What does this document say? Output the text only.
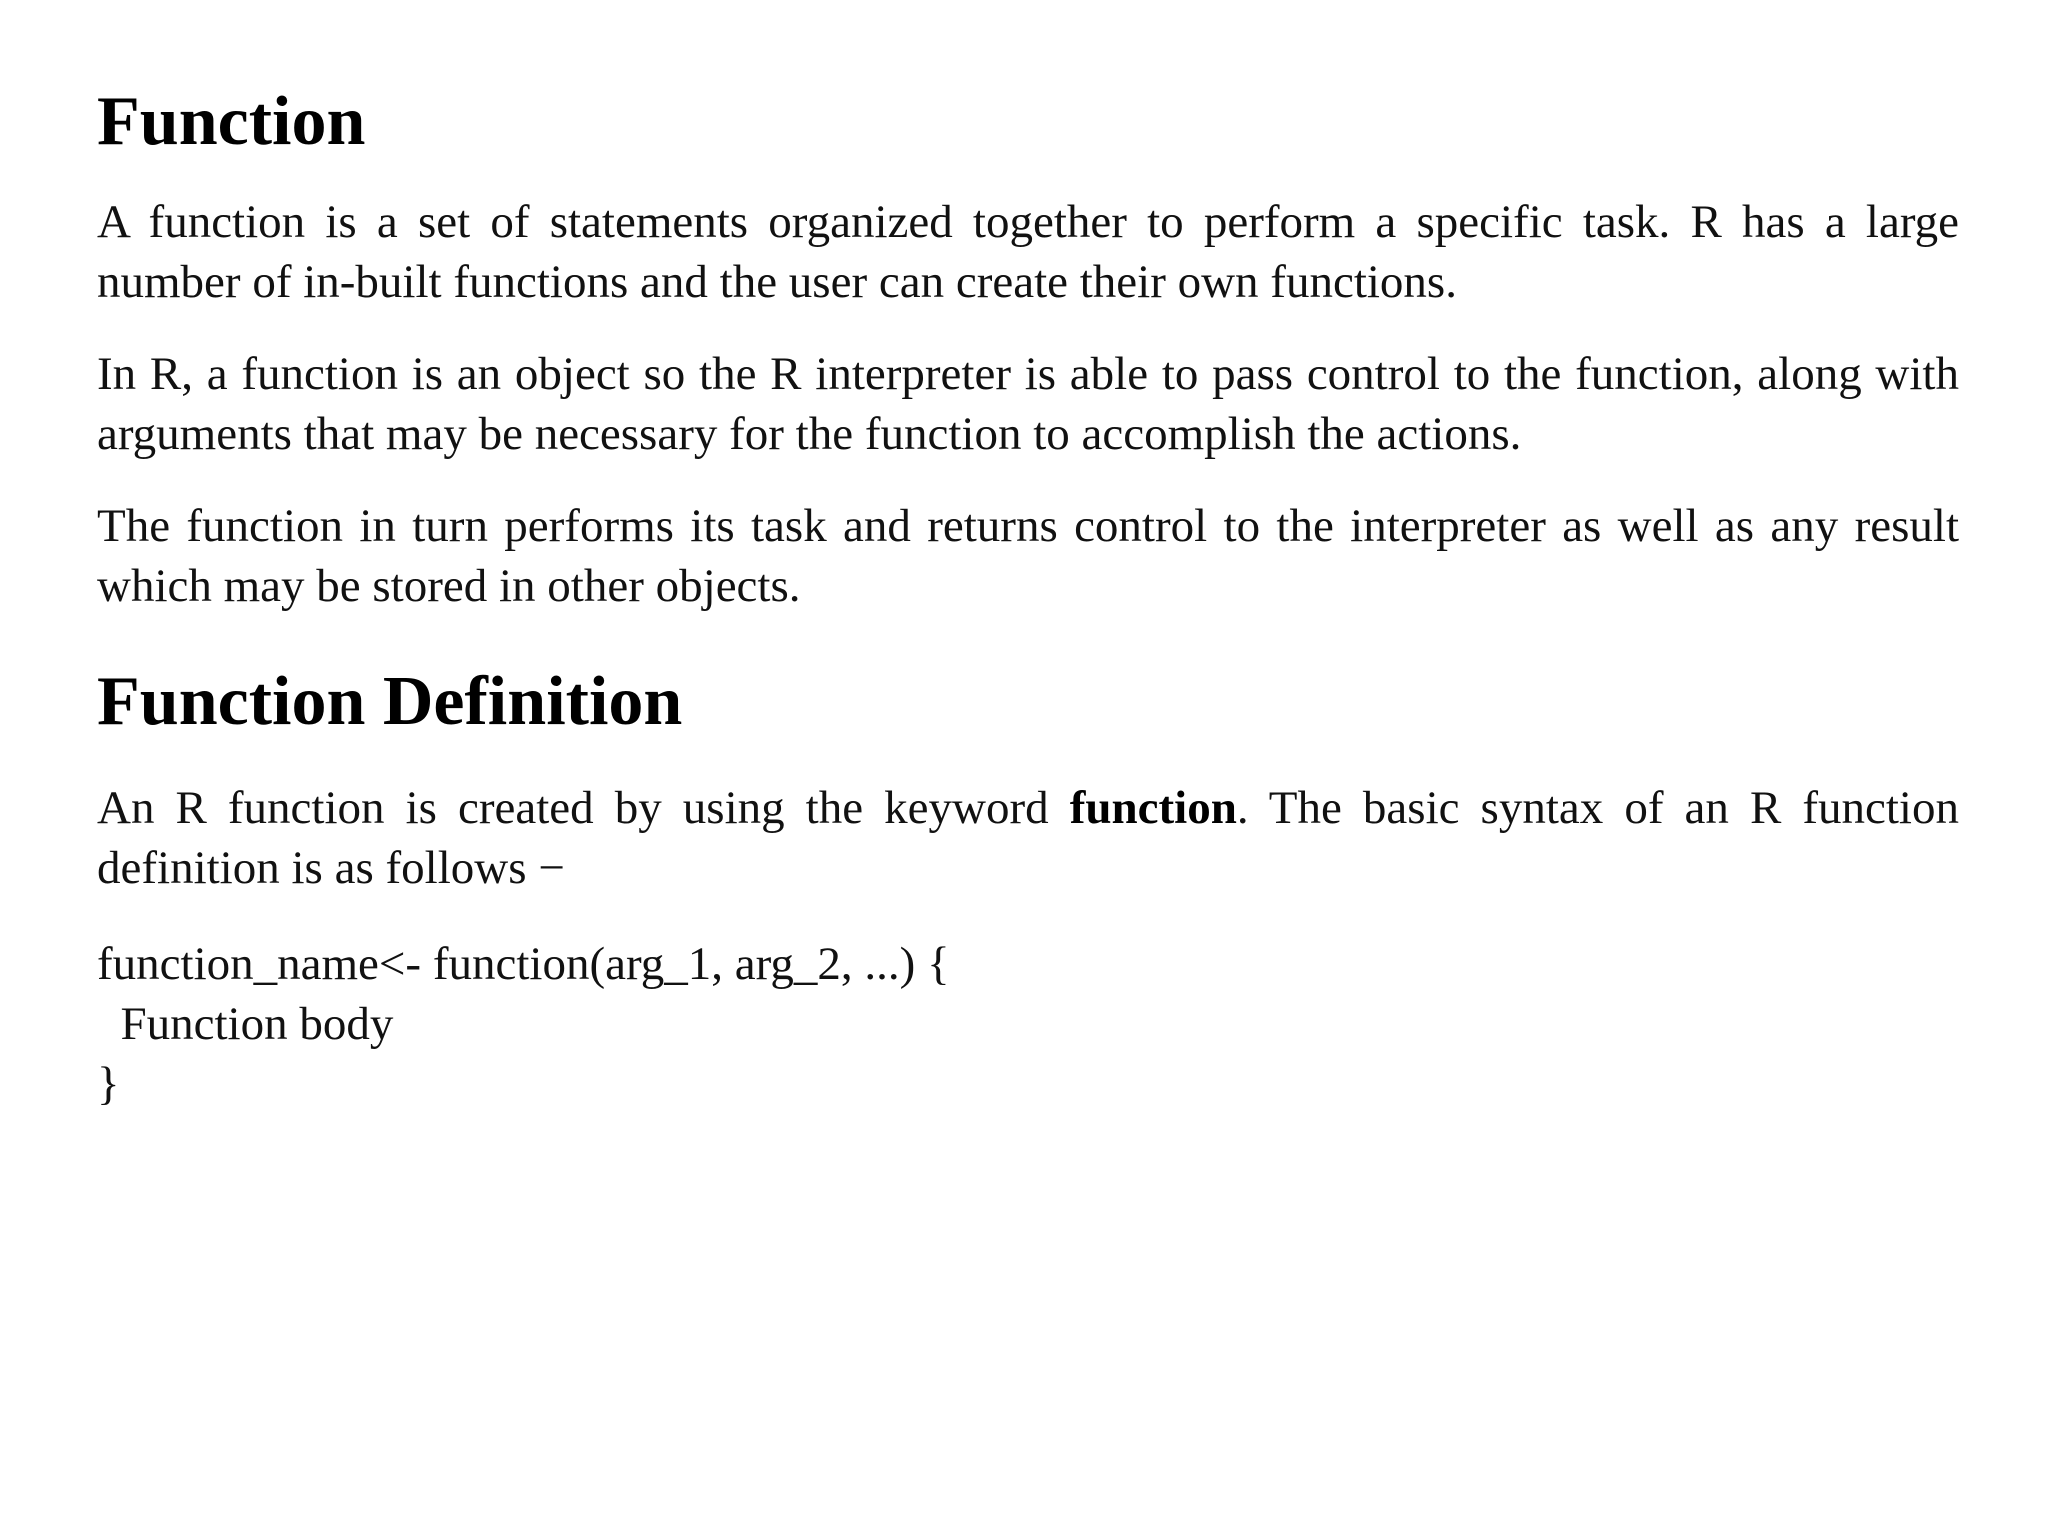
Function

A function is a set of statements organized together to perform a specific task. R has a large number of in-built functions and the user can create their own functions.

In R, a function is an object so the R interpreter is able to pass control to the function, along with arguments that may be necessary for the function to accomplish the actions.

The function in turn performs its task and returns control to the interpreter as well as any result which may be stored in other objects.

Function Definition

An R function is created by using the keyword function. The basic syntax of an R function definition is as follows −

function_name<- function(arg_1, arg_2, ...) {
Function body
}
